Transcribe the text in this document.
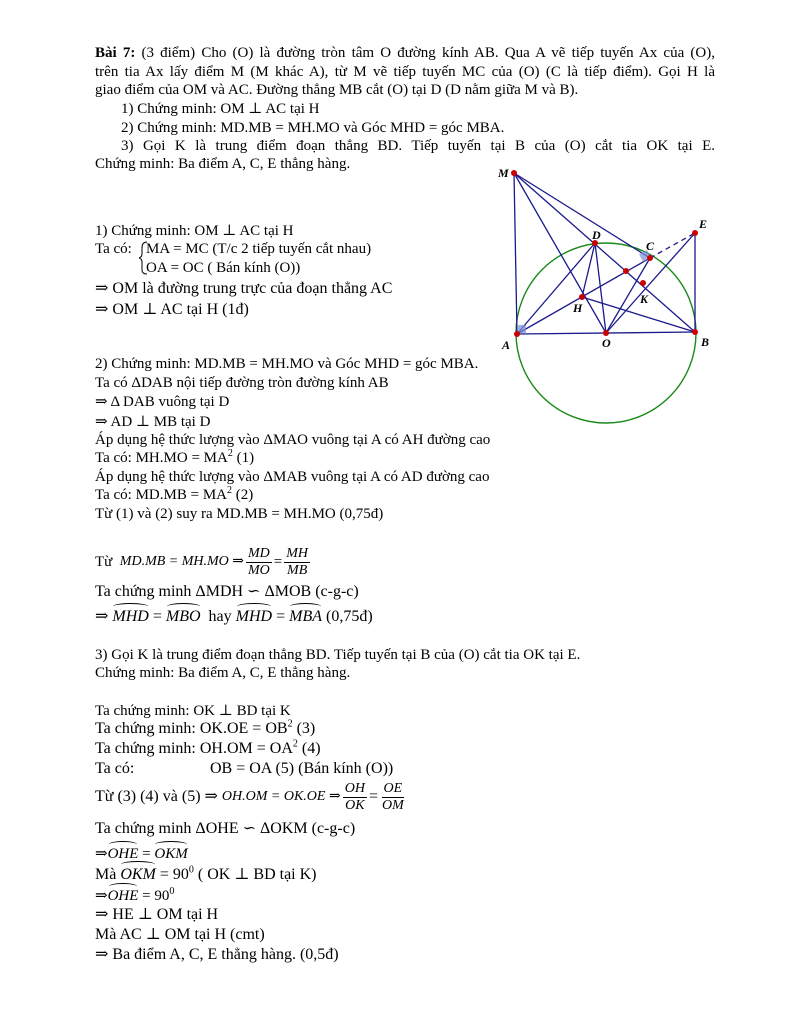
Bài 7: (3 điểm) Cho (O) là đường tròn tâm O đường kính AB. Qua A vẽ tiếp tuyến Ax của (O),
trên tia Ax lấy điểm M (M khác A), từ M vẽ tiếp tuyến MC của (O) (C là tiếp điểm). Gọi H là
giao điểm của OM và AC. Đường thẳng MB cắt (O) tại D (D nằm giữa M và B).
1) Chứng minh: OM ⊥ AC tại H
2) Chứng minh: MD.MB = MH.MO và Góc MHD = góc MBA.
3) Gọi K là trung điểm đoạn thẳng BD. Tiếp tuyến tại B của (O) cắt tia OK tại E.
Chứng minh: Ba điểm A, C, E thẳng hàng.
1) Chứng minh: OM ⊥ AC tại H
Ta có: MA = MC (T/c 2 tiếp tuyến cắt nhau)
OA = OC ( Bán kính (O))
⇒ OM là đường trung trực của đoạn thẳng AC
⇒ OM ⊥ AC tại H (1đ)
2) Chứng minh: MD.MB = MH.MO và Góc MHD = góc MBA.
Ta có ΔDAB nội tiếp đường tròn đường kính AB
⇒ Δ DAB vuông tại D
⇒ AD ⊥ MB tại D
Áp dụng hệ thức lượng vào ΔMAO vuông tại A có AH đường cao
Ta có: $MH.MO = MA^2$ (1)
Áp dụng hệ thức lượng vào ΔMAB vuông tại A có AD đường cao
Ta có: $MD.MB = MA^2$ (2)
Từ (1) và (2) suy ra MD.MB = MH.MO (0,75đ)
Từ
MD.MB = MH.MO ⇒ $\frac{MD}{MO} = \frac{MH}{MB}$
Ta chứng minh ΔMDH ∽ ΔMOB (c-g-c)
⇒ MHD = MBO hay MHD = MBA (0,75đ)
3) Gọi K là trung điểm đoạn thẳng BD. Tiếp tuyến tại B của (O) cắt tia OK tại E.
Chứng minh: Ba điểm A, C, E thẳng hàng.
Ta chứng minh: OK ⊥ BD tại K
Ta chứng minh: $OK.OE = OB^2$ (3)
Ta chứng minh: $OH.OM = OA^2$ (4)
Ta có:	OB = OA (5) (Bán kính (O))
Từ (3) (4) và (5) ⇒
OH.OM = OK.OE ⇒ $\frac{OH}{OK} = \frac{OE}{OM}$
Ta chứng minh ΔOHE ∽ ΔOKM (c-g-c)
⇒OHE = OKM
Mà OKM = $90^0$ ( OK ⊥ BD tại K)
⇒OHE = $90^0$
⇒ HE ⊥ OM tại H
Mà AC ⊥ OM tại H (cmt)
⇒ Ba điểm A, C, E thẳng hàng. (0,5đ)
M
D
C
E
H
K
A	O	B
